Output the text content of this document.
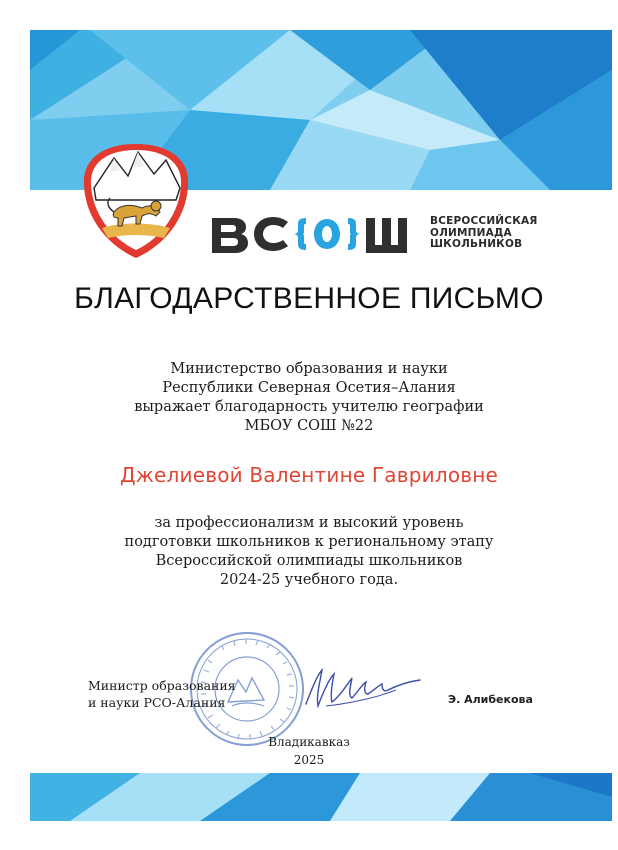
ВСЕРОССИЙСКАЯ
ОЛИМПИАДА
ШКОЛЬНИКОВ
БЛАГОДАРСТВЕННОЕ ПИСЬМО
Министерство образования и науки
Республики Северная Осетия–Алания
выражает благодарность учителю географии
МБОУ СОШ №22
Джелиевой Валентине Гавриловне
за профессионализм и высокий уровень
подготовки школьников к региональному этапу
Всероссийской олимпиады школьников
2024-25 учебного года.
Министр образования
и науки РСО-Алания	Э. Алибекова
Владикавказ
2025
